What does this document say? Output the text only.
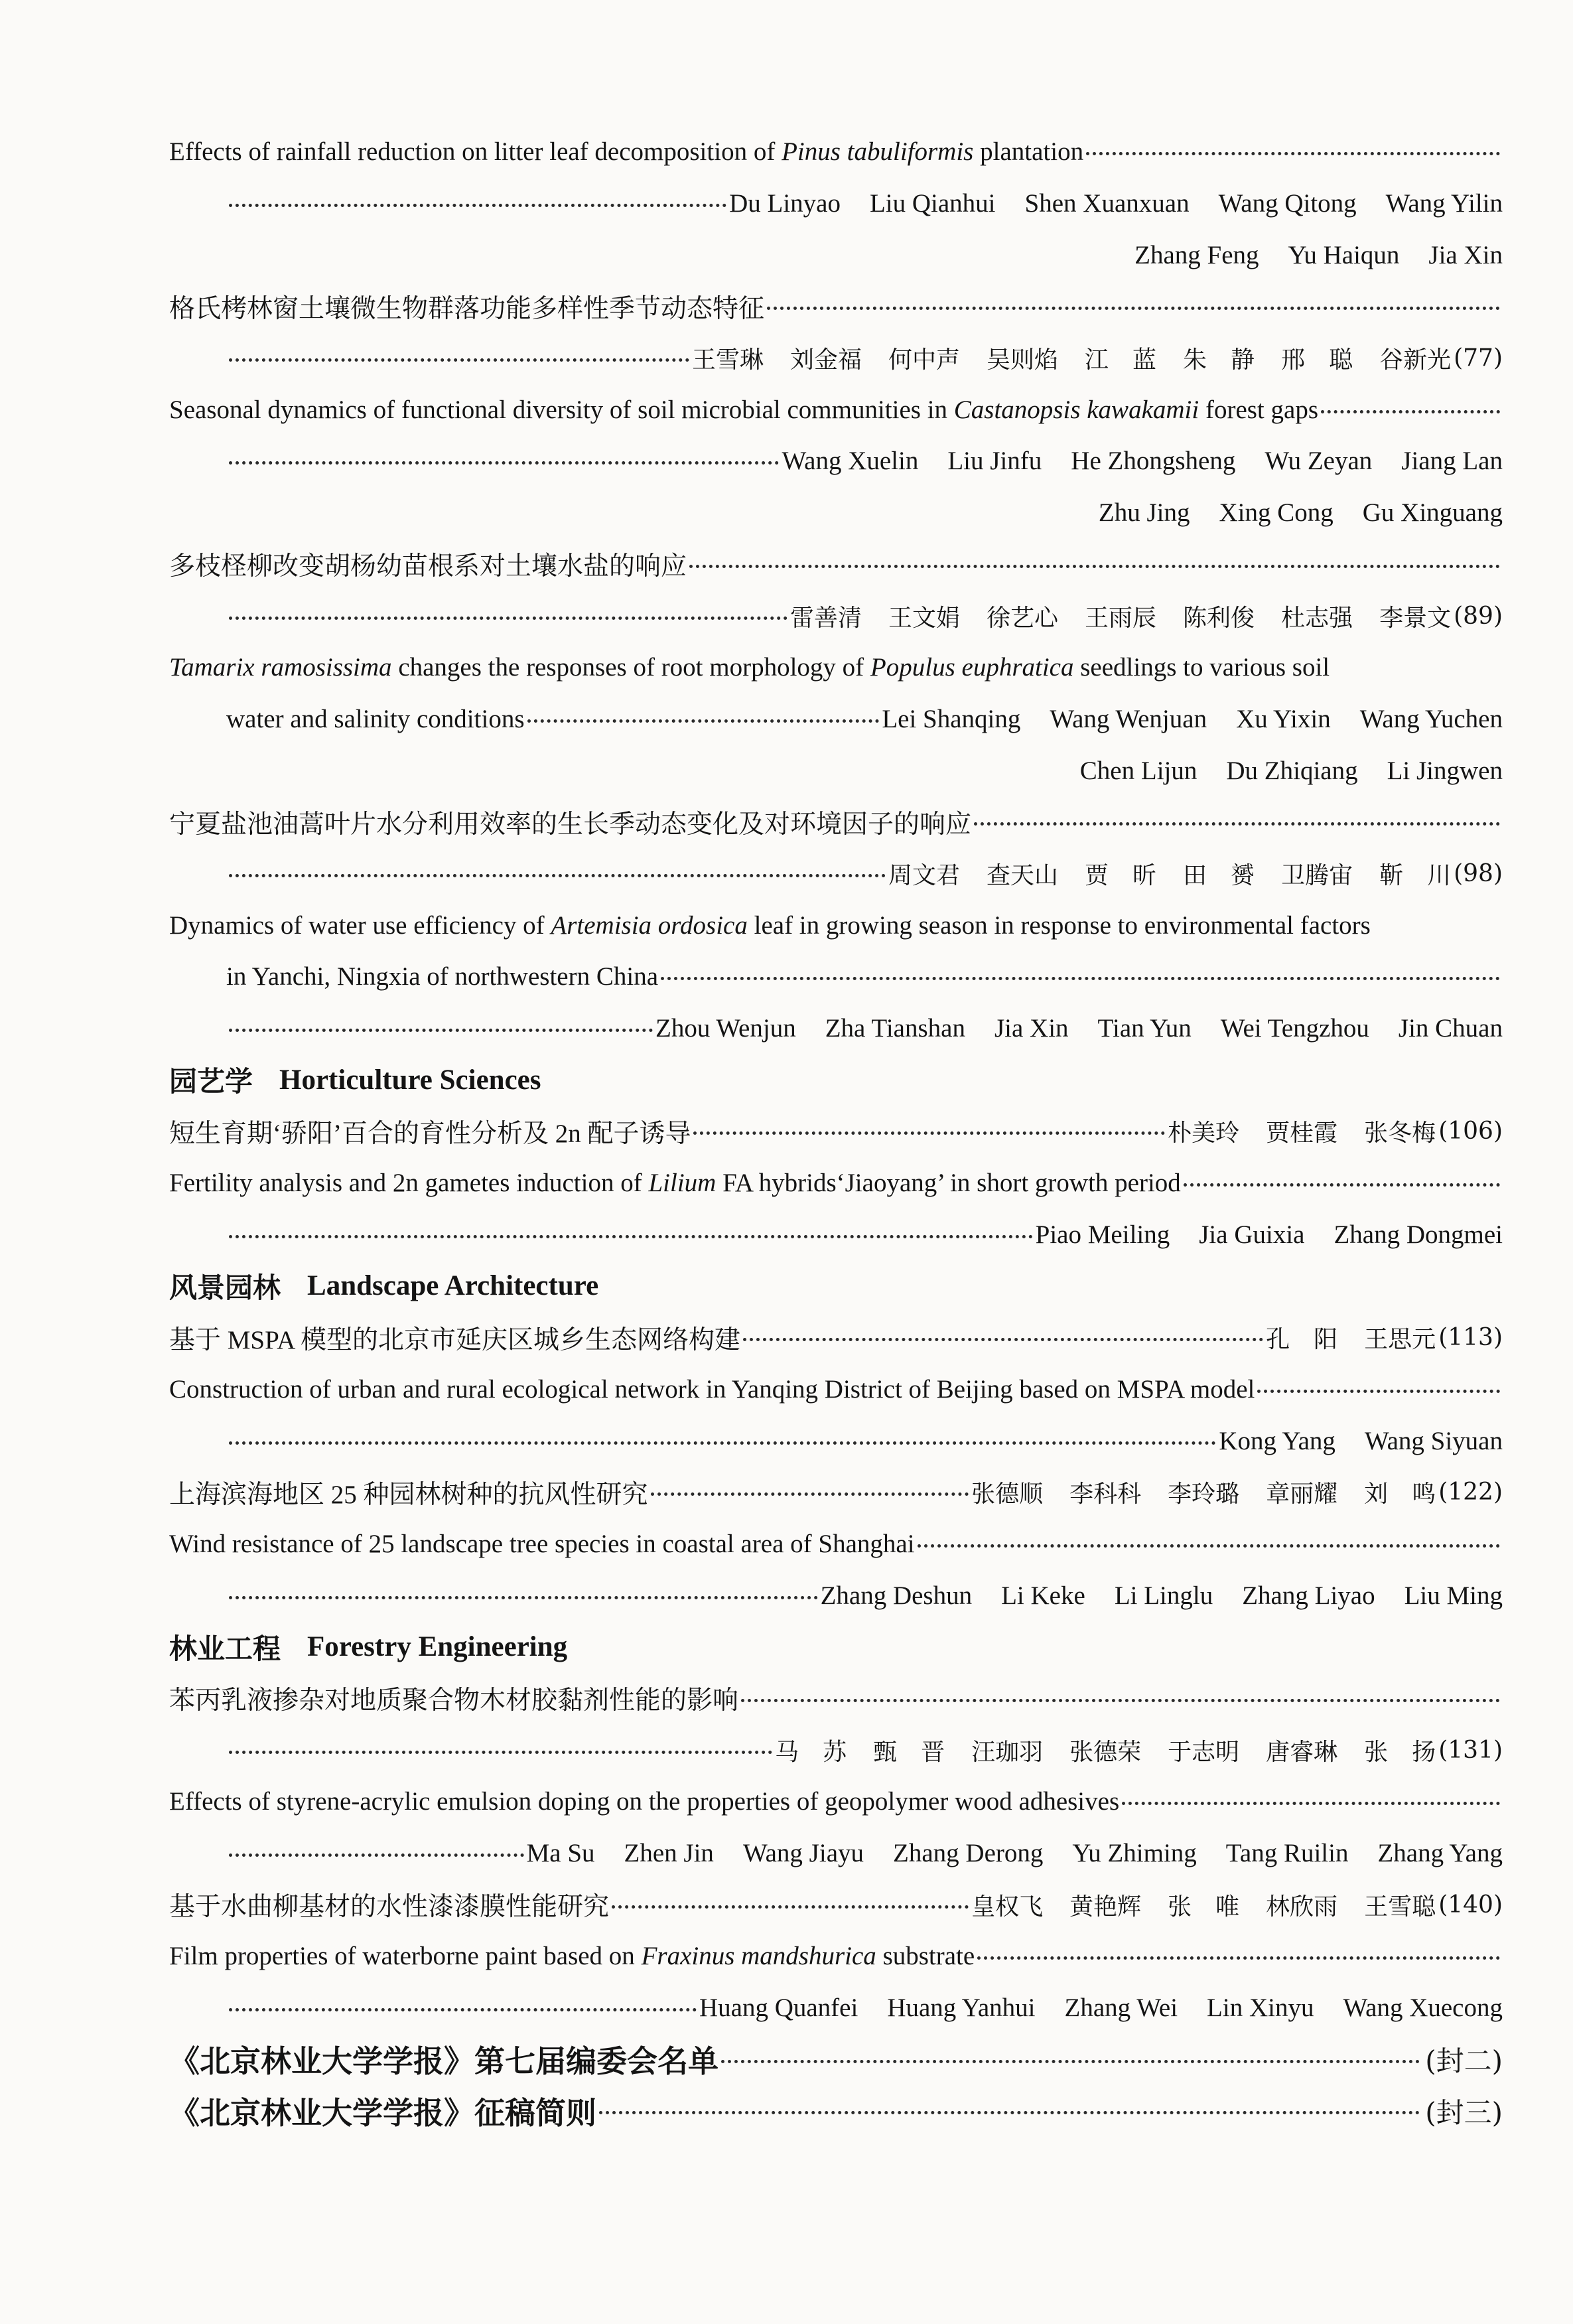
Effects of rainfall reduction on litter leaf decomposition of Pinus tabuliformis plantation
Du Linyao Liu Qianhui Shen Xuanxuan Wang Qitong Wang Yilin
Zhang Feng Yu Haiqun Jia Xin
格氏栲林窗土壤微生物群落功能多样性季节动态特征
王雪琳 刘金福 何中声 吴则焰 江　蓝 朱　静 邢　聪 谷新光 (77)
Seasonal dynamics of functional diversity of soil microbial communities in Castanopsis kawakamii forest gaps
Wang Xuelin Liu Jinfu He Zhongsheng Wu Zeyan Jiang Lan
Zhu Jing Xing Cong Gu Xinguang
多枝柽柳改变胡杨幼苗根系对土壤水盐的响应
雷善清 王文娟 徐艺心 王雨辰 陈利俊 杜志强 李景文 (89)
Tamarix ramosissima changes the responses of root morphology of Populus euphratica seedlings to various soil
water and salinity conditions	Lei Shanqing Wang Wenjuan Xu Yixin Wang Yuchen
Chen Lijun Du Zhiqiang Li Jingwen
宁夏盐池油蒿叶片水分利用效率的生长季动态变化及对环境因子的响应
周文君 查天山 贾　昕 田　赟 卫腾宙 靳　川 (98)
Dynamics of water use efficiency of Artemisia ordosica leaf in growing season in response to environmental factors
in Yanchi, Ningxia of northwestern China
Zhou Wenjun Zha Tianshan Jia Xin Tian Yun Wei Tengzhou Jin Chuan
园艺学 Horticulture Sciences
短生育期‘骄阳’百合的育性分析及 2n 配子诱导	朴美玲 贾桂霞 张冬梅 (106)
Fertility analysis and 2n gametes induction of Lilium FA hybrids‘Jiaoyang’ in short growth period
Piao Meiling Jia Guixia Zhang Dongmei
风景园林 Landscape Architecture
基于 MSPA 模型的北京市延庆区城乡生态网络构建	孔　阳 王思元 (113)
Construction of urban and rural ecological network in Yanqing District of Beijing based on MSPA model
Kong Yang Wang Siyuan
上海滨海地区 25 种园林树种的抗风性研究	张德顺 李科科 李玲璐 章丽耀 刘　鸣 (122)
Wind resistance of 25 landscape tree species in coastal area of Shanghai
Zhang Deshun Li Keke Li Linglu Zhang Liyao Liu Ming
林业工程 Forestry Engineering
苯丙乳液掺杂对地质聚合物木材胶黏剂性能的影响
马　苏 甄　晋 汪珈羽 张德荣 于志明 唐睿琳 张　扬 (131)
Effects of styrene-acrylic emulsion doping on the properties of geopolymer wood adhesives
Ma Su Zhen Jin Wang Jiayu Zhang Derong Yu Zhiming Tang Ruilin Zhang Yang
基于水曲柳基材的水性漆漆膜性能研究	皇权飞 黄艳辉 张　唯 林欣雨 王雪聪 (140)
Film properties of waterborne paint based on Fraxinus mandshurica substrate
Huang Quanfei Huang Yanhui Zhang Wei Lin Xinyu Wang Xuecong
《北京林业大学学报》第七届编委会名单	(封二)
《北京林业大学学报》征稿简则	(封三)
